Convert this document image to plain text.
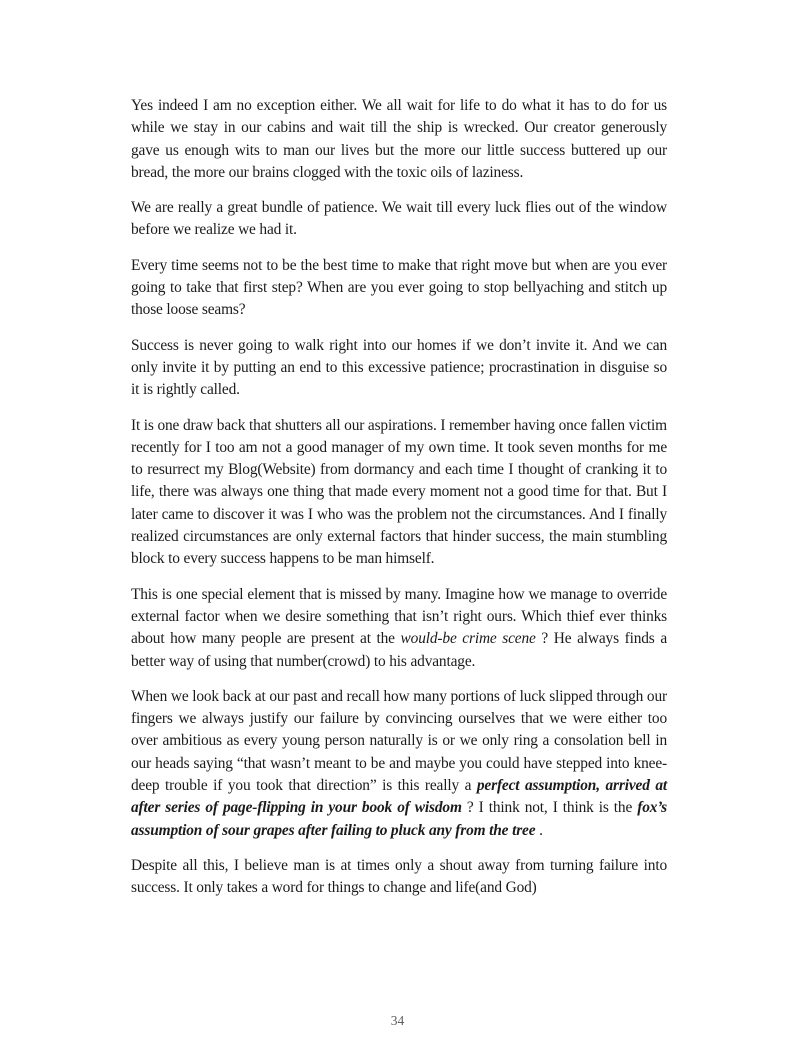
Yes indeed I am no exception either. We all wait for life to do what it has to do for us while we stay in our cabins and wait till the ship is wrecked. Our creator generously gave us enough wits to man our lives but the more our little success buttered up our bread, the more our brains clogged with the toxic oils of laziness.

We are really a great bundle of patience. We wait till every luck flies out of the window before we realize we had it.

Every time seems not to be the best time to make that right move but when are you ever going to take that first step? When are you ever going to stop bellyaching and stitch up those loose seams?

Success is never going to walk right into our homes if we don’t invite it. And we can only invite it by putting an end to this excessive patience; procrastination in disguise so it is rightly called.

It is one draw back that shutters all our aspirations. I remember having once fallen victim recently for I too am not a good manager of my own time. It took seven months for me to resurrect my Blog(Website) from dormancy and each time I thought of cranking it to life, there was always one thing that made every moment not a good time for that. But I later came to discover it was I who was the problem not the circumstances. And I finally realized circumstances are only external factors that hinder success, the main stumbling block to every success happens to be man himself.

This is one special element that is missed by many. Imagine how we manage to override external factor when we desire something that isn’t right ours. Which thief ever thinks about how many people are present at the would-be crime scene ? He always finds a better way of using that number(crowd) to his advantage.

When we look back at our past and recall how many portions of luck slipped through our fingers we always justify our failure by convincing ourselves that we were either too over ambitious as every young person naturally is or we only ring a consolation bell in our heads saying “that wasn’t meant to be and maybe you could have stepped into knee-deep trouble if you took that direction” is this really a perfect assumption, arrived at after series of page-flipping in your book of wisdom ? I think not, I think is the fox’s assumption of sour grapes after failing to pluck any from the tree .

Despite all this, I believe man is at times only a shout away from turning failure into success. It only takes a word for things to change and life(and God)

34
